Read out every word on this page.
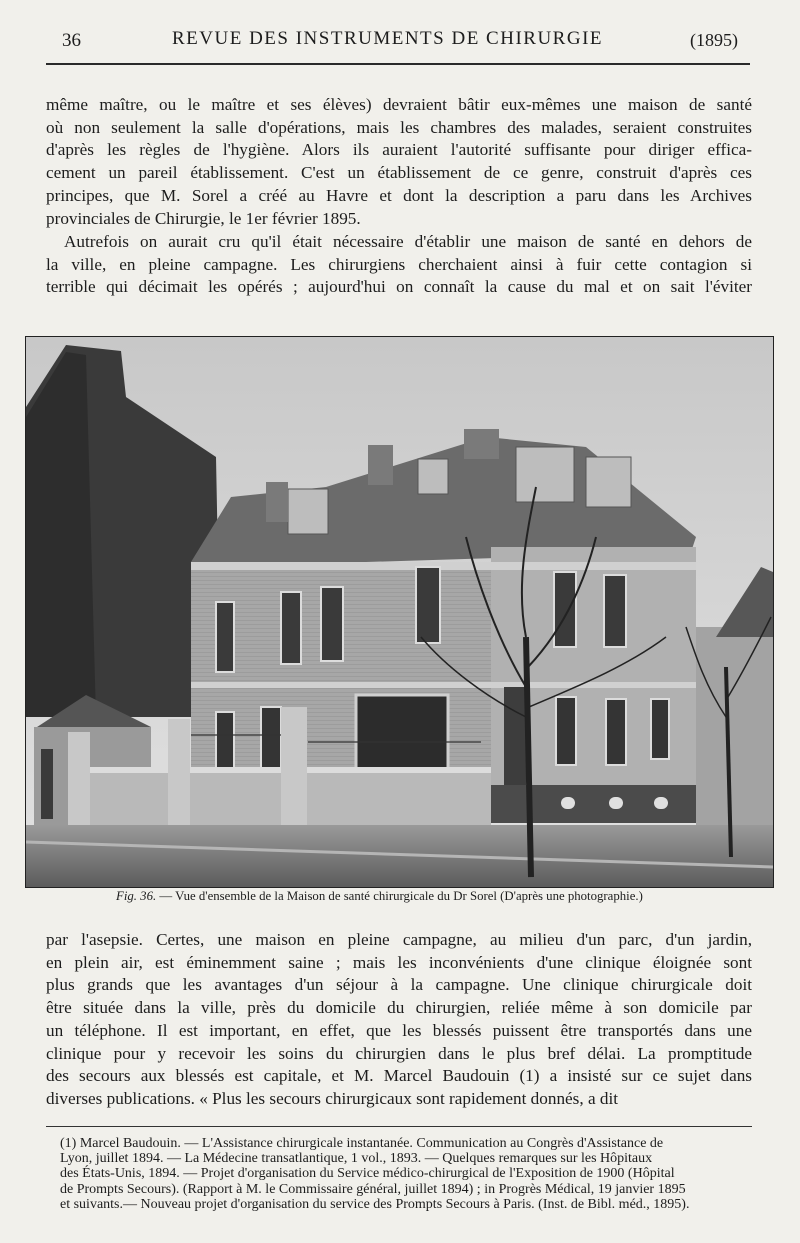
36	REVUE DES INSTRUMENTS DE CHIRURGIE	(1895)
même maître, ou le maître et ses élèves) devraient bâtir eux-mêmes une maison de santé
où non seulement la salle d'opérations, mais les chambres des malades, seraient construites
d'après les règles de l'hygiène. Alors ils auraient l'autorité suffisante pour diriger effica-
cement un pareil établissement. C'est un établissement de ce genre, construit d'après ces
principes, que M. Sorel a créé au Havre et dont la description a paru dans les Archives
provinciales de Chirurgie, le 1er février 1895.
Autrefois on aurait cru qu'il était nécessaire d'établir une maison de santé en dehors de
la ville, en pleine campagne. Les chirurgiens cherchaient ainsi à fuir cette contagion si
terrible qui décimait les opérés ; aujourd'hui on connaît la cause du mal et on sait l'éviter
Fig. 36. — Vue d'ensemble de la Maison de santé chirurgicale du Dr Sorel (D'après une photographie.)
par l'asepsie. Certes, une maison en pleine campagne, au milieu d'un parc, d'un jardin,
en plein air, est éminemment saine ; mais les inconvénients d'une clinique éloignée sont
plus grands que les avantages d'un séjour à la campagne. Une clinique chirurgicale doit
être située dans la ville, près du domicile du chirurgien, reliée même à son domicile par
un téléphone. Il est important, en effet, que les blessés puissent être transportés dans une
clinique pour y recevoir les soins du chirurgien dans le plus bref délai. La promptitude
des secours aux blessés est capitale, et M. Marcel Baudouin (1) a insisté sur ce sujet dans
diverses publications. « Plus les secours chirurgicaux sont rapidement donnés, a dit
(1) Marcel Baudouin. — L'Assistance chirurgicale instantanée. Communication au Congrès d'Assistance de
Lyon, juillet 1894. — La Médecine transatlantique, 1 vol., 1893. — Quelques remarques sur les Hôpitaux
des États-Unis, 1894. — Projet d'organisation du Service médico-chirurgical de l'Exposition de 1900 (Hôpital
de Prompts Secours). (Rapport à M. le Commissaire général, juillet 1894) ; in Progrès Médical, 19 janvier 1895
et suivants.— Nouveau projet d'organisation du service des Prompts Secours à Paris. (Inst. de Bibl. méd., 1895).
